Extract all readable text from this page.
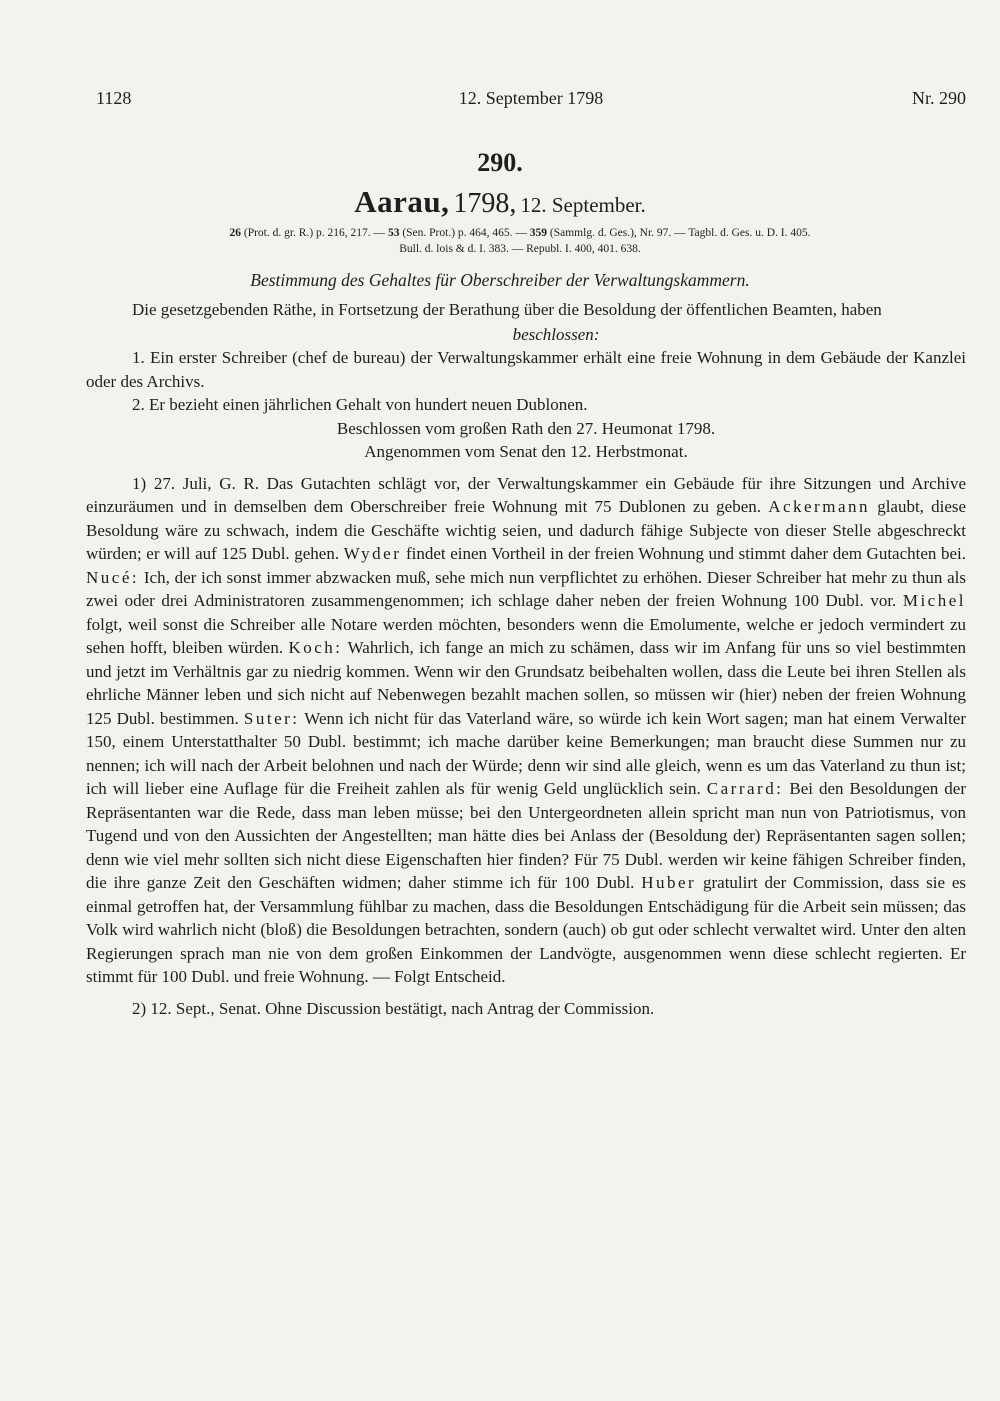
1128	12. September 1798	Nr. 290
290.
Aarau, 1798, 12. September.
26 (Prot. d. gr. R.) p. 216, 217. — 53 (Sen. Prot.) p. 464, 465. — 359 (Sammlg. d. Ges.), Nr. 97. — Tagbl. d. Ges. u. D. I. 405.
Bull. d. lois & d. I. 383. — Republ. I. 400, 401. 638.
Bestimmung des Gehaltes für Oberschreiber der Verwaltungskammern.

Die gesetzgebenden Räthe, in Fortsetzung der Berathung über die Besoldung der öffentlichen Beamten, haben

beschlossen:

1. Ein erster Schreiber (chef de bureau) der Verwaltungskammer erhält eine freie Wohnung in dem Gebäude der Kanzlei oder des Archivs.

2. Er bezieht einen jährlichen Gehalt von hundert neuen Dublonen.

Beschlossen vom großen Rath den 27. Heumonat 1798.

Angenommen vom Senat den 12. Herbstmonat.

1) 27. Juli, G. R. Das Gutachten schlägt vor, der Verwaltungskammer ein Gebäude für ihre Sitzungen und Archive einzuräumen und in demselben dem Oberschreiber freie Wohnung mit 75 Dublonen zu geben. Ackermann glaubt, diese Besoldung wäre zu schwach, indem die Geschäfte wichtig seien, und dadurch fähige Subjecte von dieser Stelle abgeschreckt würden; er will auf 125 Dubl. gehen. Wyder findet einen Vortheil in der freien Wohnung und stimmt daher dem Gutachten bei. Nucé: Ich, der ich sonst immer abzwacken muß, sehe mich nun verpflichtet zu erhöhen. Dieser Schreiber hat mehr zu thun als zwei oder drei Administratoren zusammengenommen; ich schlage daher neben der freien Wohnung 100 Dubl. vor. Michel folgt, weil sonst die Schreiber alle Notare werden möchten, besonders wenn die Emolumente, welche er jedoch vermindert zu sehen hofft, bleiben würden. Koch: Wahrlich, ich fange an mich zu schämen, dass wir im Anfang für uns so viel bestimmten und jetzt im Verhältnis gar zu niedrig kommen. Wenn wir den Grundsatz beibehalten wollen, dass die Leute bei ihren Stellen als ehrliche Männer leben und sich nicht auf Nebenwegen bezahlt machen sollen, so müssen wir (hier) neben der freien Wohnung 125 Dubl. bestimmen. Suter: Wenn ich nicht für das Vaterland wäre, so würde ich kein Wort sagen; man hat einem Verwalter 150, einem Unterstatthalter 50 Dubl. bestimmt; ich mache darüber keine Bemerkungen; man braucht diese Summen nur zu nennen; ich will nach der Arbeit belohnen und nach der Würde; denn wir sind alle gleich, wenn es um das Vaterland zu thun ist; ich will lieber eine Auflage für die Freiheit zahlen als für wenig Geld unglücklich sein. Carrard: Bei den Besoldungen der Repräsentanten war die Rede, dass man leben müsse; bei den Untergeordneten allein spricht man nun von Patriotismus, von Tugend und von den Aussichten der Angestellten; man hätte dies bei Anlass der (Besoldung der) Repräsentanten sagen sollen; denn wie viel mehr sollten sich nicht diese Eigenschaften hier finden? Für 75 Dubl. werden wir keine fähigen Schreiber finden, die ihre ganze Zeit den Geschäften widmen; daher stimme ich für 100 Dubl. Huber gratulirt der Commission, dass sie es einmal getroffen hat, der Versammlung fühlbar zu machen, dass die Besoldungen Entschädigung für die Arbeit sein müssen; das Volk wird wahrlich nicht (bloß) die Besoldungen betrachten, sondern (auch) ob gut oder schlecht verwaltet wird. Unter den alten Regierungen sprach man nie von dem großen Einkommen der Landvögte, ausgenommen wenn diese schlecht regierten. Er stimmt für 100 Dubl. und freie Wohnung. — Folgt Entscheid.

2) 12. Sept., Senat. Ohne Discussion bestätigt, nach Antrag der Commission.
